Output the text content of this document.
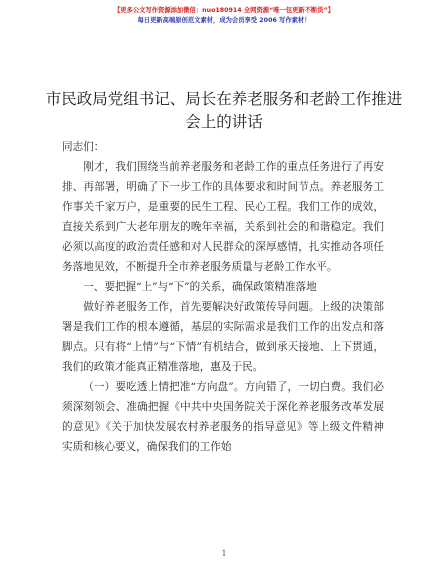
【更多公文写作资源添加微信：nuo180914 全网资源“唯一包更新不断货”】
每日更新高端原创范文素材，成为会员享受 2006 写作素材！
市民政局党组书记、局长在养老服务和老龄工作推进会上的讲话

同志们：

刚才，我们围绕当前养老服务和老龄工作的重点任务进行了再安排、再部署，明确了下一步工作的具体要求和时间节点。养老服务工作事关千家万户，是重要的民生工程、民心工程。我们工作的成效，直接关系到广大老年朋友的晚年幸福，关系到社会的和谐稳定。我们必须以高度的政治责任感和对人民群众的深厚感情，扎实推动各项任务落地见效，不断提升全市养老服务质量与老龄工作水平。

一、要把握“上”与“下”的关系，确保政策精准落地

做好养老服务工作，首先要解决好政策传导问题。上级的决策部署是我们工作的根本遵循，基层的实际需求是我们工作的出发点和落脚点。只有将“上情”与“下情”有机结合，做到承天接地、上下贯通，我们的政策才能真正精准落地，惠及于民。

（一）要吃透上情把准“方向盘”。方向错了，一切白费。我们必须深刻领会、准确把握《中共中央国务院关于深化养老服务改革发展的意见》《关于加快发展农村养老服务的指导意见》等上级文件精神实质和核心要义，确保我们的工作始

1
